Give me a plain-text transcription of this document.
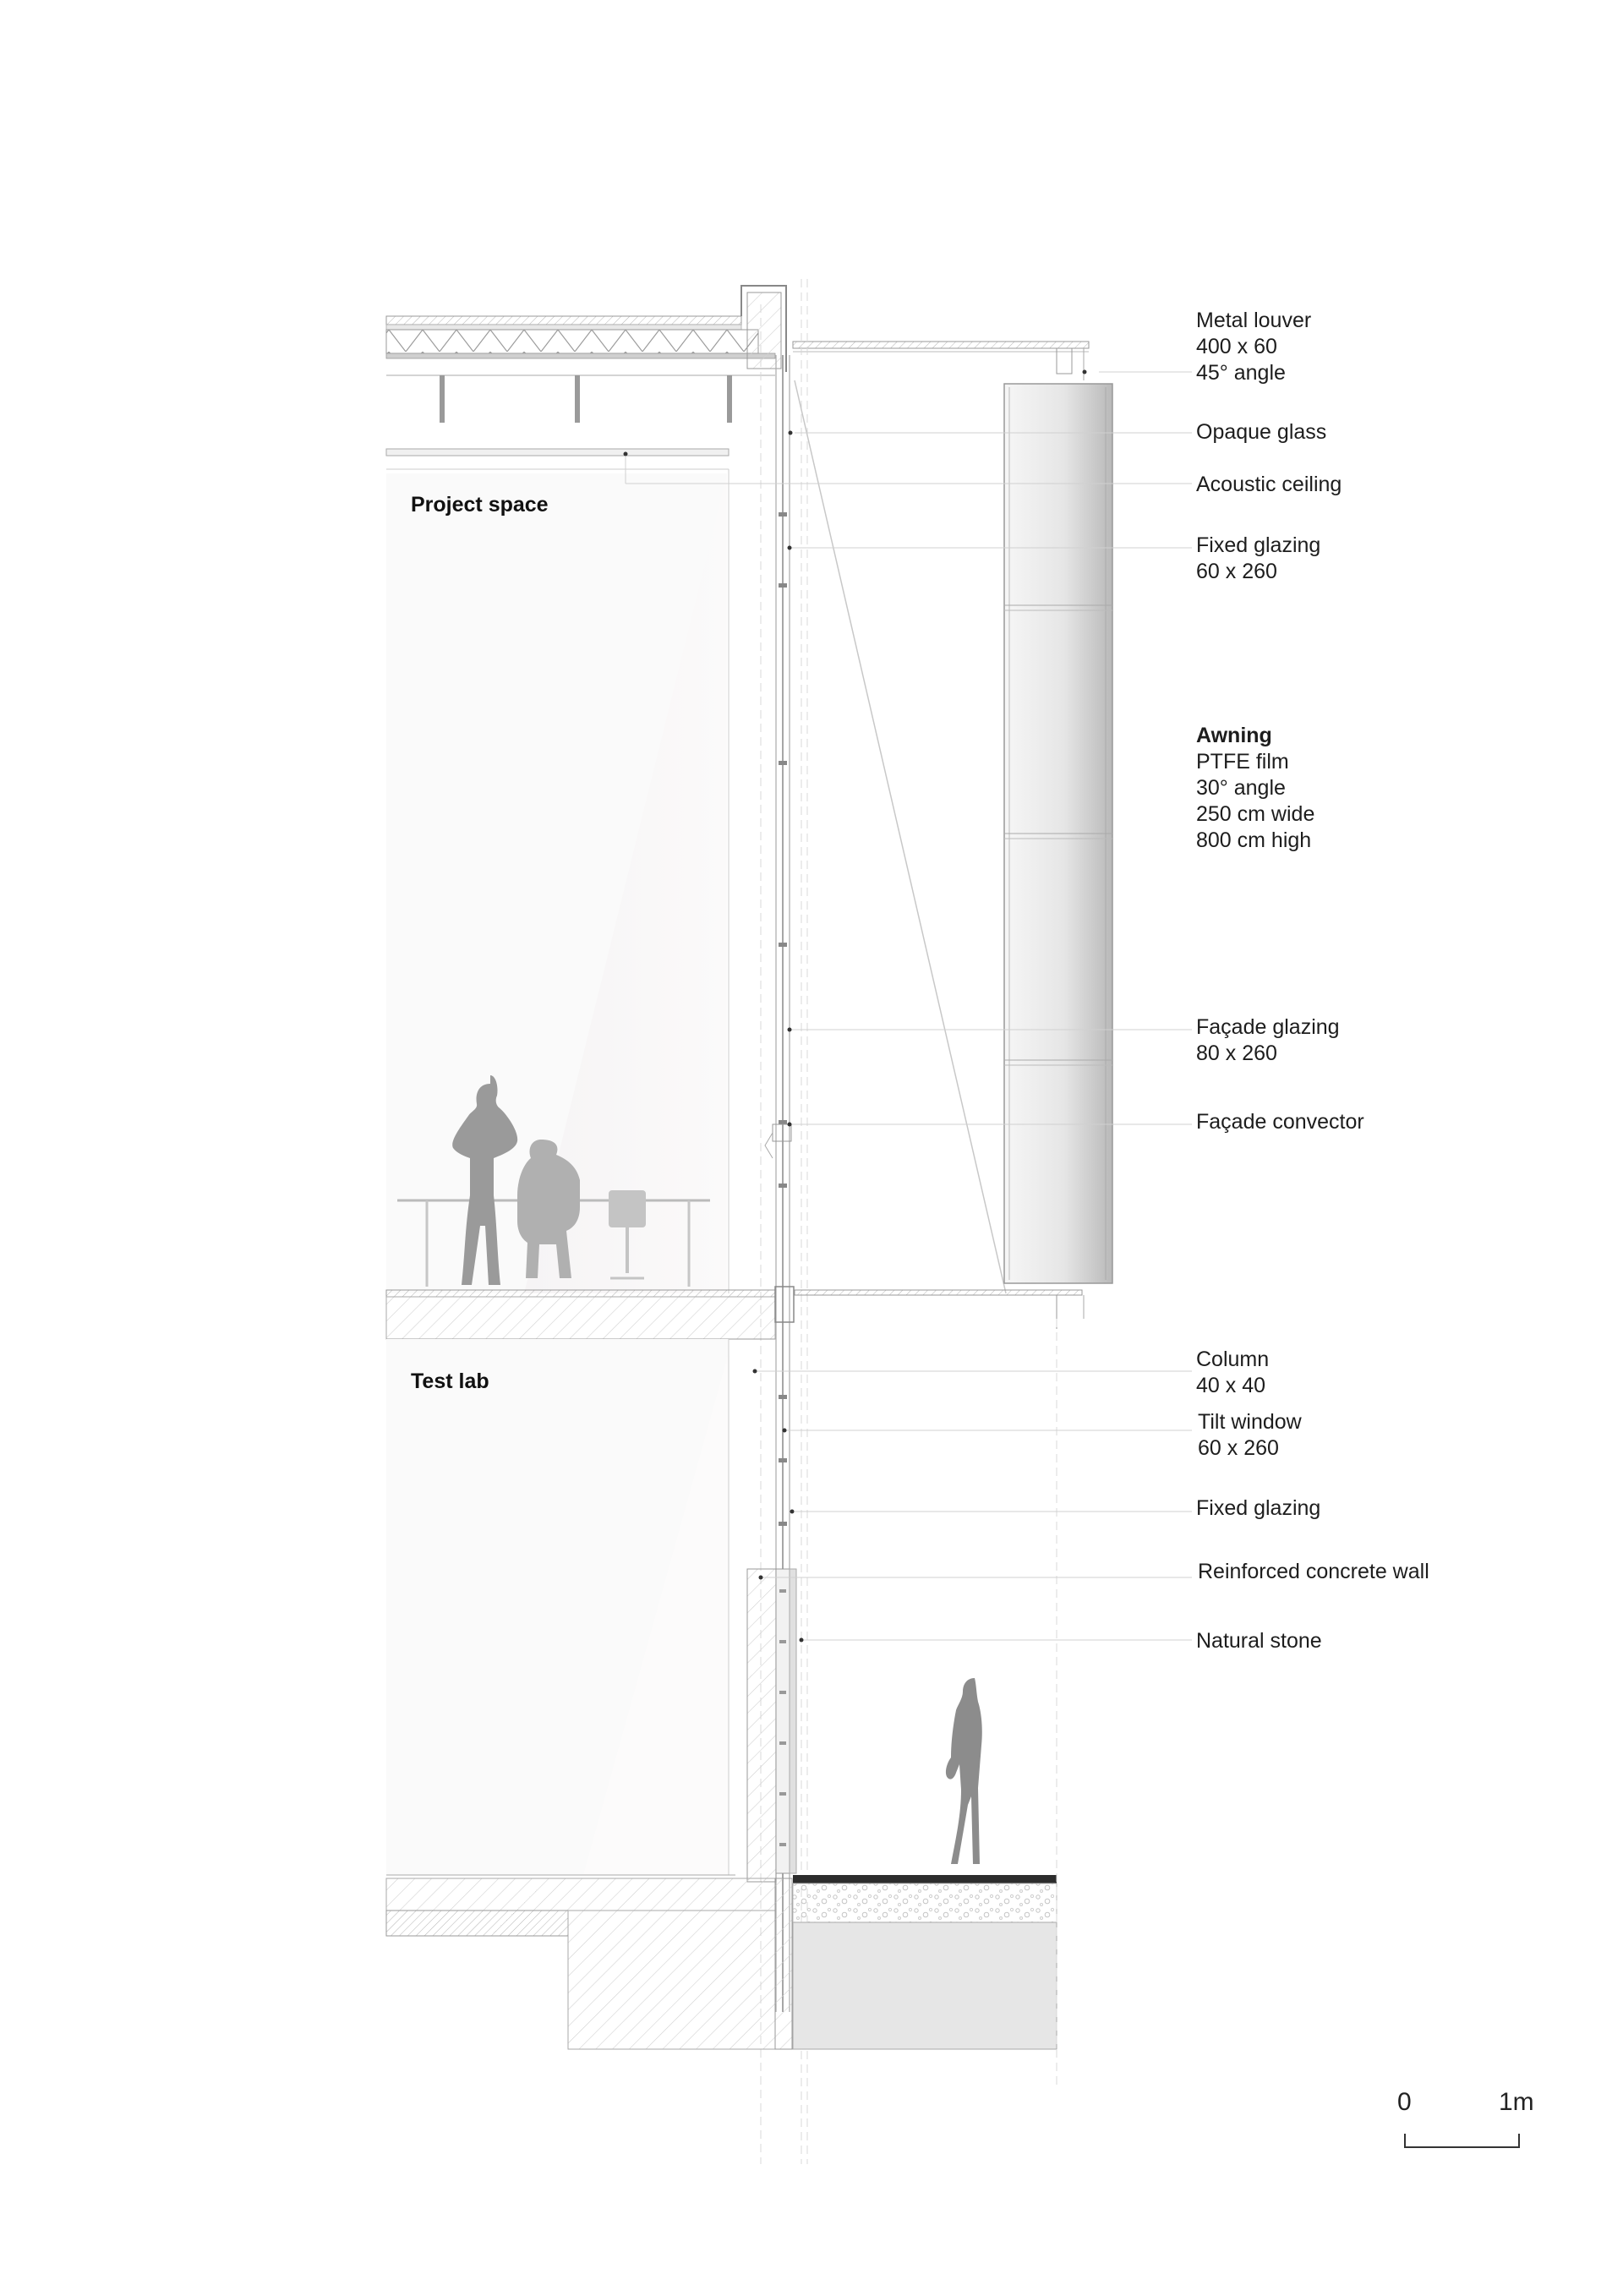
Project space
Test lab
Metal louver
400 x 60
45° angle
Opaque glass
Acoustic ceiling
Fixed glazing
60 x 260
Awning
PTFE film
30° angle
250 cm wide
800 cm high
Façade glazing
80 x 260
Façade convector
Column
40 x 40
Tilt window
60 x 260
Fixed glazing
Reinforced concrete wall
Natural stone
0	1m
